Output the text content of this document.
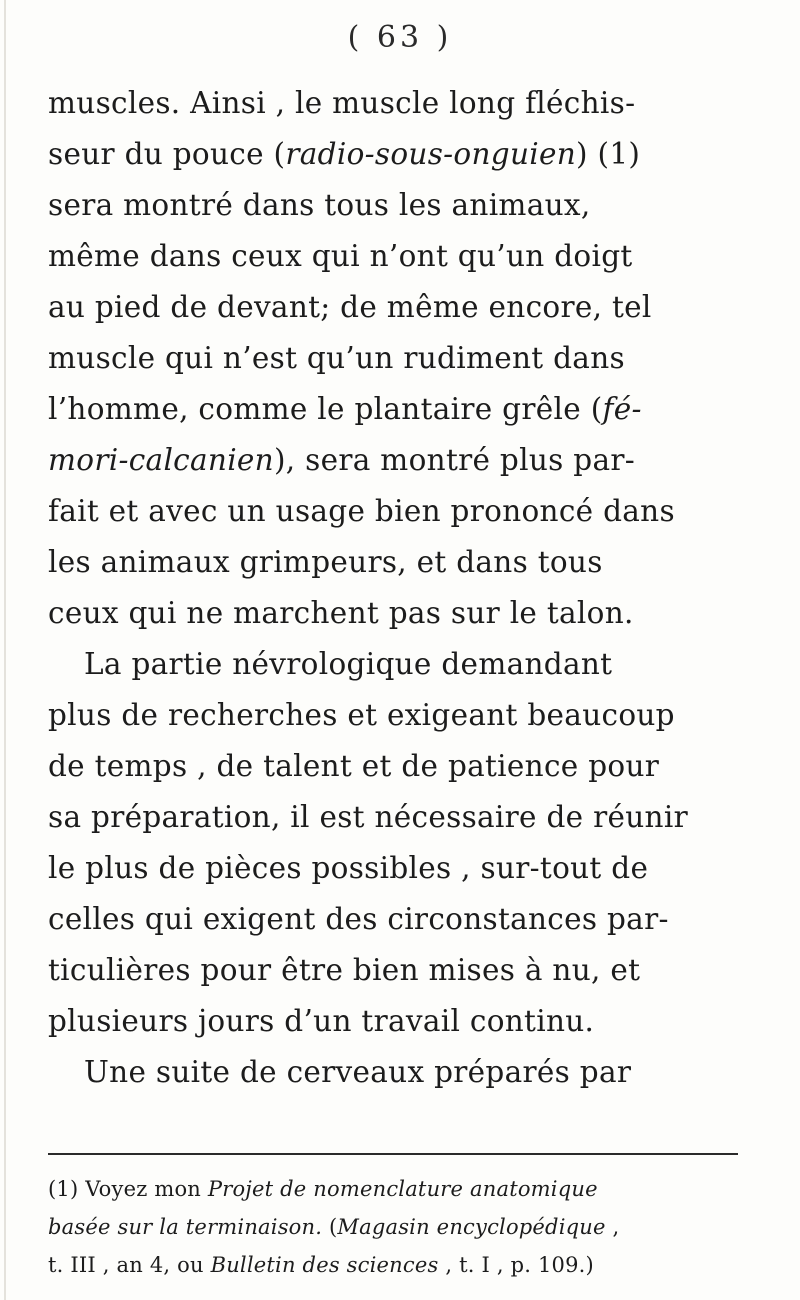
( 63 )
muscles. Ainsi , le muscle long fléchis-
seur du pouce (radio-sous-onguien) (1)
sera montré dans tous les animaux,
même dans ceux qui n’ont qu’un doigt
au pied de devant; de même encore, tel
muscle qui n’est qu’un rudiment dans
l’homme, comme le plantaire grêle (fé-
mori-calcanien), sera montré plus par-
fait et avec un usage bien prononcé dans
les animaux grimpeurs, et dans tous
ceux qui ne marchent pas sur le talon.
La partie névrologique demandant
plus de recherches et exigeant beaucoup
de temps , de talent et de patience pour
sa préparation, il est nécessaire de réunir
le plus de pièces possibles , sur-tout de
celles qui exigent des circonstances par-
ticulières pour être bien mises à nu, et
plusieurs jours d’un travail continu.
Une suite de cerveaux préparés par
(1) Voyez mon Projet de nomenclature anatomique
basée sur la terminaison. (Magasin encyclopédique ,
t. III , an 4, ou Bulletin des sciences , t. I , p. 109.)
